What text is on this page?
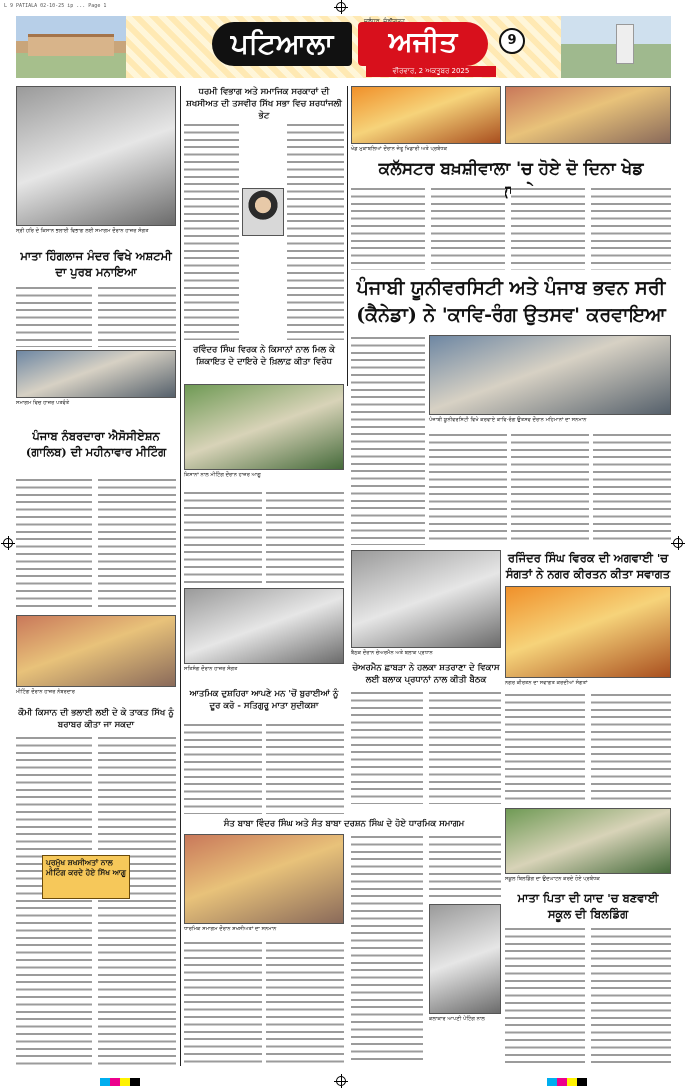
L 9 PATIALA 02-10-25 ip ... Page 1
ਪਟਿਆਲਾ	ਅਜੀਤ
ਵੀਰਵਾਰ, 2 ਅਕਤੂਬਰ 2025
9
ਸ੍ਰੀ ਹਰਿ ਦੇ ਕਿਸਾਨ ਭਲਾਈ ਵਿਭਾਗ ਲਈ ਸਮਾਗਮ ਦੌਰਾਨ ਹਾਜ਼ਰ ਸੰਗਤ
ਮਾਤਾ ਹਿੰਗਲਾਜ ਮੰਦਰ ਵਿਖੇ ਅਸ਼ਟਮੀ ਦਾ ਪੁਰਬ ਮਨਾਇਆ
ਸਮਾਗਮ ਵਿਚ ਹਾਜ਼ਰ ਪਤਵੰਤੇ
ਪੰਜਾਬ ਨੰਬਰਦਾਰਾ ਐਸੋਸੀਏਸ਼ਨ (ਗਾਲਿਬ) ਦੀ ਮਹੀਨਾਵਾਰ ਮੀਟਿੰਗ
ਮੀਟਿੰਗ ਦੌਰਾਨ ਹਾਜ਼ਰ ਨੰਬਰਦਾਰ
ਕੌਮੀ ਕਿਸਾਨ ਦੀ ਭਲਾਈ ਲਈ ਦੇ ਕੇ ਤਾਕਤ ਸਿੱਖ ਨੂੰ ਬਰਾਬਰ ਕੀਤਾ ਜਾ ਸਕਦਾ
ਪ੍ਰਮੁੱਖ ਸ਼ਖਸੀਅਤਾਂ ਨਾਲ ਮੀਟਿੰਗ ਕਰਦੇ ਹੋਏ ਸਿੱਖ ਆਗੂ
ਧਰਮੀ ਵਿਭਾਗ ਅਤੇ ਸਮਾਜਿਕ ਸਰਕਾਰਾਂ ਦੀ ਸ਼ਖਸੀਅਤ ਦੀ ਤਸਵੀਰ ਸਿੱਖ ਸਭਾ ਵਿਚ ਸ਼ਰਧਾਂਜਲੀ ਭੇਟ
ਰਵਿੰਦਰ ਸਿੰਘ ਵਿਰਕ ਨੇ ਕਿਸਾਨਾਂ ਨਾਲ ਮਿਲ ਕੇ ਸ਼ਿਕਾਇਤ ਦੇ ਦਾਇਰੇ ਦੇ ਖ਼ਿਲਾਫ਼ ਕੀਤਾ ਵਿਰੋਧ
ਕਿਸਾਨਾਂ ਨਾਲ ਮੀਟਿੰਗ ਦੌਰਾਨ ਹਾਜ਼ਰ ਆਗੂ
ਸਤਿਸੰਗ ਦੌਰਾਨ ਹਾਜ਼ਰ ਸੰਗਤ
ਆਤਮਿਕ ਦੁਸ਼ਹਿਰਾ ਆਪਣੇ ਮਨ 'ਚੋਂ ਬੁਰਾਈਆਂ ਨੂੰ ਦੂਰ ਕਰੋ - ਸਤਿਗੁਰੂ ਮਾਤਾ ਸੁਦੀਕਸ਼ਾ
ਖੇਡ ਮੁਕਾਬਲਿਆਂ ਦੌਰਾਨ ਜੇਤੂ ਖਿਡਾਰੀ ਅਤੇ ਪ੍ਰਬੰਧਕ
ਕਲੱਸਟਰ ਬਖ਼ਸ਼ੀਵਾਲਾ 'ਚ ਹੋਏ ਦੋ ਦਿਨਾ ਖੇਡ
ਪੰਜਾਬੀ ਯੂਨੀਵਰਸਿਟੀ ਅਤੇ ਪੰਜਾਬ ਭਵਨ ਸਰੀ (ਕੈਨੇਡਾ) ਨੇ 'ਕਾਵਿ-ਰੰਗ ਉਤਸਵ' ਕਰਵਾਇਆ
ਪੰਜਾਬੀ ਯੂਨੀਵਰਸਿਟੀ ਵਿਖੇ ਕਰਵਾਏ ਕਾਵਿ-ਰੰਗ ਉਤਸਵ ਦੌਰਾਨ ਮਹਿਮਾਨਾਂ ਦਾ ਸਨਮਾਨ
ਬੈਠਕ ਦੌਰਾਨ ਚੇਅਰਮੈਨ ਅਤੇ ਬਲਾਕ ਪ੍ਰਧਾਨ
ਚੇਅਰਮੈਨ ਛਾਬੜਾ ਨੇ ਹਲਕਾ ਸ਼ਤਰਾਣਾ ਦੇ ਵਿਕਾਸ ਲਈ ਬਲਾਕ ਪ੍ਰਧਾਨਾਂ ਨਾਲ ਕੀਤੀ ਬੈਠਕ
ਰਜਿੰਦਰ ਸਿੰਘ ਵਿਰਕ ਦੀ ਅਗਵਾਈ 'ਚ ਸੰਗਤਾਂ ਨੇ ਨਗਰ ਕੀਰਤਨ ਕੀਤਾ ਸਵਾਗਤ
ਨਗਰ ਕੀਰਤਨ ਦਾ ਸਵਾਗਤ ਕਰਦੀਆਂ ਸੰਗਤਾਂ
ਸੰਤ ਬਾਬਾ ਵਿੰਦਰ ਸਿੰਘ ਅਤੇ ਸੰਤ ਬਾਬਾ ਦਰਸ਼ਨ ਸਿੰਘ ਦੇ ਹੋਏ ਧਾਰਮਿਕ ਸਮਾਗਮ
ਧਾਰਮਿਕ ਸਮਾਗਮ ਦੌਰਾਨ ਸ਼ਖਸੀਅਤਾਂ ਦਾ ਸਨਮਾਨ
ਕਲਾਕਾਰ ਆਪਣੀ ਪੇਂਟਿੰਗ ਨਾਲ
ਸਕੂਲ ਬਿਲਡਿੰਗ ਦਾ ਉਦਘਾਟਨ ਕਰਦੇ ਹੋਏ ਪ੍ਰਬੰਧਕ
ਮਾਤਾ ਪਿਤਾ ਦੀ ਯਾਦ 'ਚ ਬਣਵਾਈ ਸਕੂਲ ਦੀ ਬਿਲਡਿੰਗ
